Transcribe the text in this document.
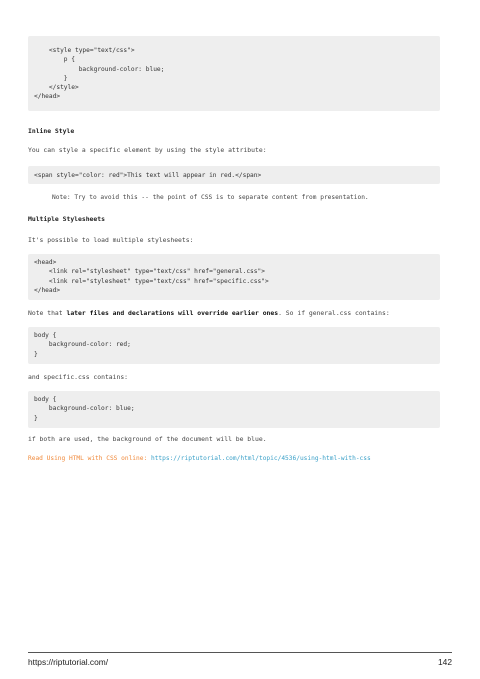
<style type="text/css">
p {
background-color: blue;
}
</style>
</head>

Inline Style

You can style a specific element by using the style attribute:

<span style="color: red">This text will appear in red.</span>

Note: Try to avoid this -- the point of CSS is to separate content from presentation.

Multiple Stylesheets

It's possible to load multiple stylesheets:

<head>
<link rel="stylesheet" type="text/css" href="general.css">
<link rel="stylesheet" type="text/css" href="specific.css">
</head>

Note that later files and declarations will override earlier ones. So if general.css contains:

body {
background-color: red;
}

and specific.css contains:

body {
background-color: blue;
}

if both are used, the background of the document will be blue.

Read Using HTML with CSS online: https://riptutorial.com/html/topic/4536/using-html-with-css

https://riptutorial.com/	142
